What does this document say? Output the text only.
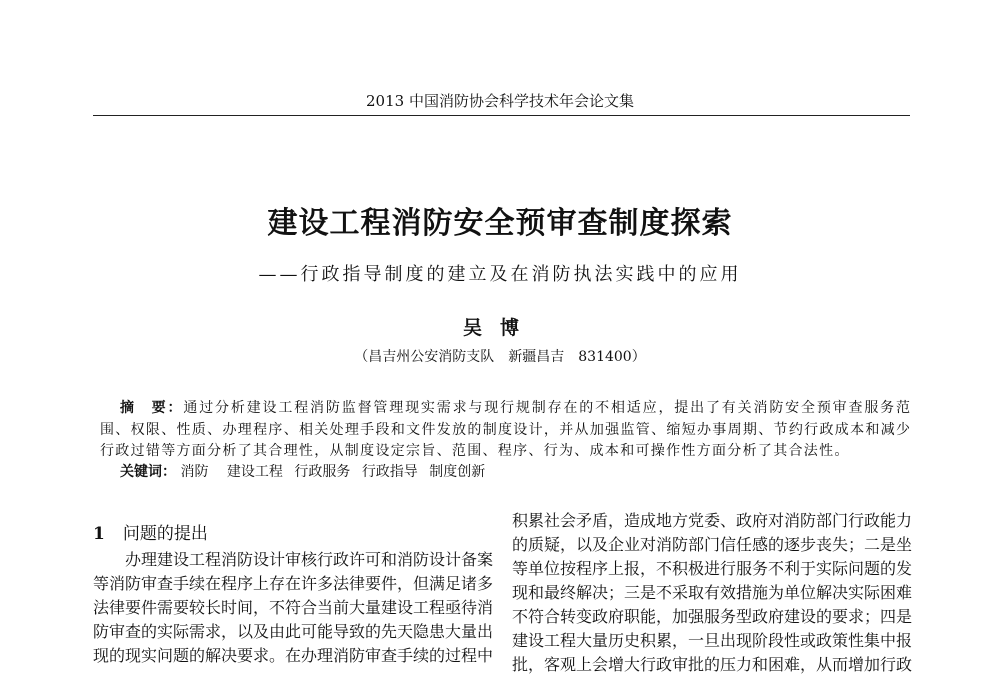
2013 中国消防协会科学技术年会论文集
建设工程消防安全预审查制度探索
——行政指导制度的建立及在消防执法实践中的应用
吴博
（昌吉州公安消防支队　新疆昌吉　831400）
摘　要：通过分析建设工程消防监督管理现实需求与现行规制存在的不相适应，提出了有关消防安全预审查服务范
围、权限、性质、办理程序、相关处理手段和文件发放的制度设计，并从加强监管、缩短办事周期、节约行政成本和减少
行政过错等方面分析了其合理性，从制度设定宗旨、范围、程序、行为、成本和可操作性方面分析了其合法性。
关键词： 消防  建设工程  行政服务  行政指导  制度创新
1 问题的提出
办理建设工程消防设计审核行政许可和消防设计备案
等消防审查手续在程序上存在许多法律要件，但满足诸多
法律要件需要较长时间，不符合当前大量建设工程亟待消
防审查的实际需求，以及由此可能导致的先天隐患大量出
现的现实问题的解决要求。在办理消防审查手续的过程中
积累社会矛盾，造成地方党委、政府对消防部门行政能力
的质疑，以及企业对消防部门信任感的逐步丧失；二是坐
等单位按程序上报，不积极进行服务不利于实际问题的发
现和最终解决；三是不采取有效措施为单位解决实际困难
不符合转变政府职能，加强服务型政府建设的要求；四是
建设工程大量历史积累，一旦出现阶段性或政策性集中报
批，客观上会增大行政审批的压力和困难，从而增加行政
